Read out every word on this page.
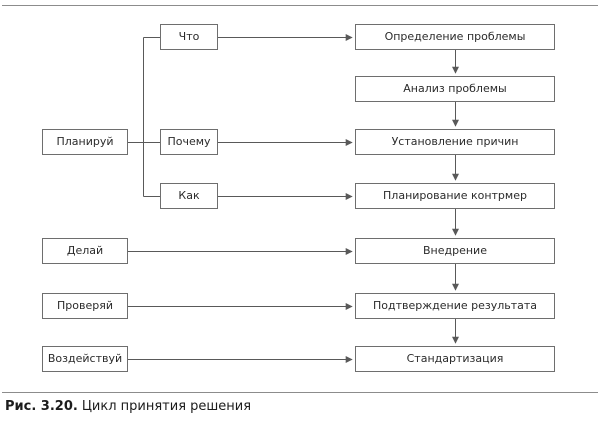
Планируй
Делай
Проверяй
Воздействуй
Что
Почему
Как
Определение проблемы
Анализ проблемы
Установление причин
Планирование контрмер
Внедрение
Подтверждение результата
Стандартизация
Рис. 3.20. Цикл принятия решения
